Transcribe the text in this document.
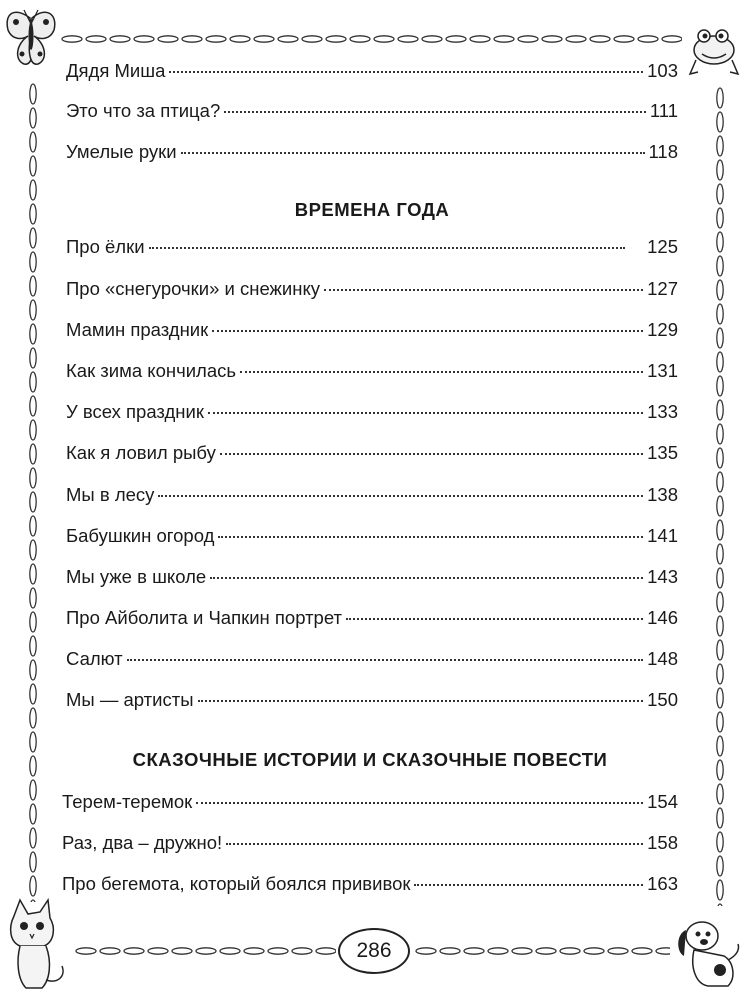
Дядя Миша	103
Это что за птица?	111
Умелые руки	118
ВРЕМЕНА ГОДА
Про ёлки	125
Про «снегурочки» и снежинку	127
Мамин праздник	129
Как зима кончилась	131
У всех праздник	133
Как я ловил рыбу	135
Мы в лесу	138
Бабушкин огород	141
Мы уже в школе	143
Про Айболита и Чапкин портрет	146
Салют	148
Мы — артисты	150
СКАЗОЧНЫЕ ИСТОРИИ И СКАЗОЧНЫЕ ПОВЕСТИ
Терем-теремок	154
Раз, два – дружно!	158
Про бегемота, который боялся прививок	163
286
